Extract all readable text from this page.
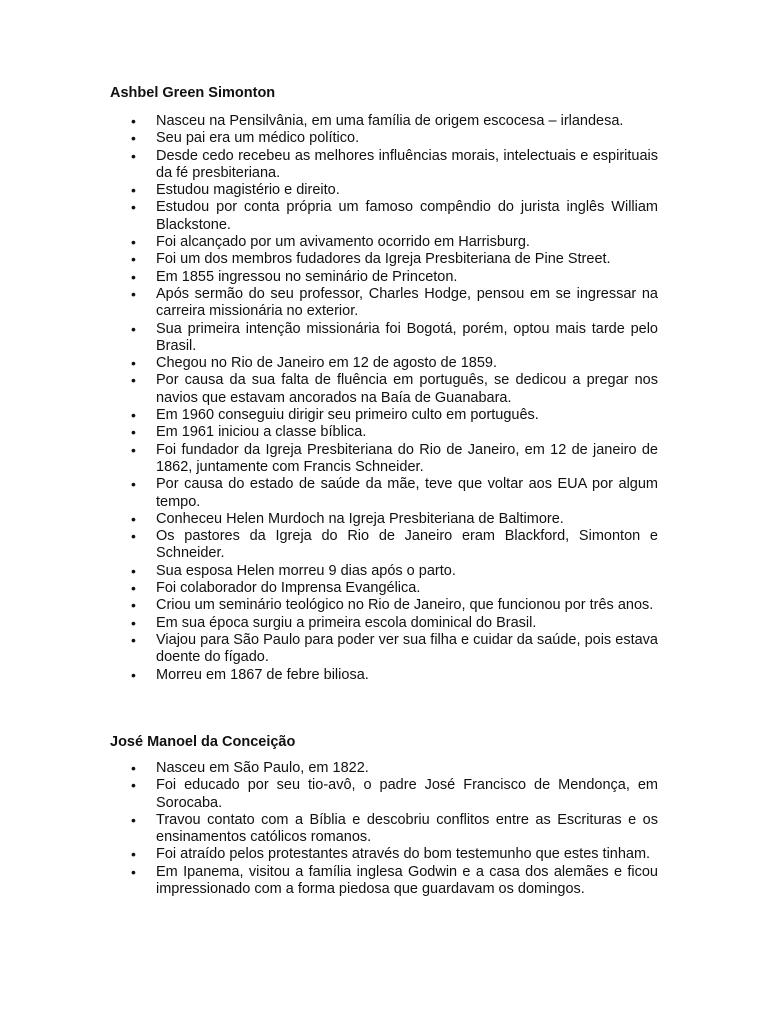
Ashbel Green Simonton
• Nasceu na Pensilvânia, em uma família de origem escocesa – irlandesa.
• Seu pai era um médico político.
• Desde cedo recebeu as melhores influências morais, intelectuais e espirituais da fé presbiteriana.
• Estudou magistério e direito.
• Estudou por conta própria um famoso compêndio do jurista inglês William Blackstone.
• Foi alcançado por um avivamento ocorrido em Harrisburg.
• Foi um dos membros fudadores da Igreja Presbiteriana de Pine Street.
• Em 1855 ingressou no seminário de Princeton.
• Após sermão do seu professor, Charles Hodge, pensou em se ingressar na carreira missionária no exterior.
• Sua primeira intenção missionária foi Bogotá, porém, optou mais tarde pelo Brasil.
• Chegou no Rio de Janeiro em 12 de agosto de 1859.
• Por causa da sua falta de fluência em português, se dedicou a pregar nos navios que estavam ancorados na Baía de Guanabara.
• Em 1960 conseguiu dirigir seu primeiro culto em português.
• Em 1961 iniciou a classe bíblica.
• Foi fundador da Igreja Presbiteriana do Rio de Janeiro, em 12 de janeiro de 1862, juntamente com Francis Schneider.
• Por causa do estado de saúde da mãe, teve que voltar aos EUA por algum tempo.
• Conheceu Helen Murdoch na Igreja Presbiteriana de Baltimore.
• Os pastores da Igreja do Rio de Janeiro eram Blackford, Simonton e Schneider.
• Sua esposa Helen morreu 9 dias após o parto.
• Foi colaborador do Imprensa Evangélica.
• Criou um seminário teológico no Rio de Janeiro, que funcionou por três anos.
• Em sua época surgiu a primeira escola dominical do Brasil.
• Viajou para São Paulo para poder ver sua filha e cuidar da saúde, pois estava doente do fígado.
• Morreu em 1867 de febre biliosa.
José Manoel da Conceição
• Nasceu em São Paulo, em 1822.
• Foi educado por seu tio-avô, o padre José Francisco de Mendonça, em Sorocaba.
• Travou contato com a Bíblia e descobriu conflitos entre as Escrituras e os ensinamentos católicos romanos.
• Foi atraído pelos protestantes através do bom testemunho que estes tinham.
• Em Ipanema, visitou a família inglesa Godwin e a casa dos alemães e ficou impressionado com a forma piedosa que guardavam os domingos.
